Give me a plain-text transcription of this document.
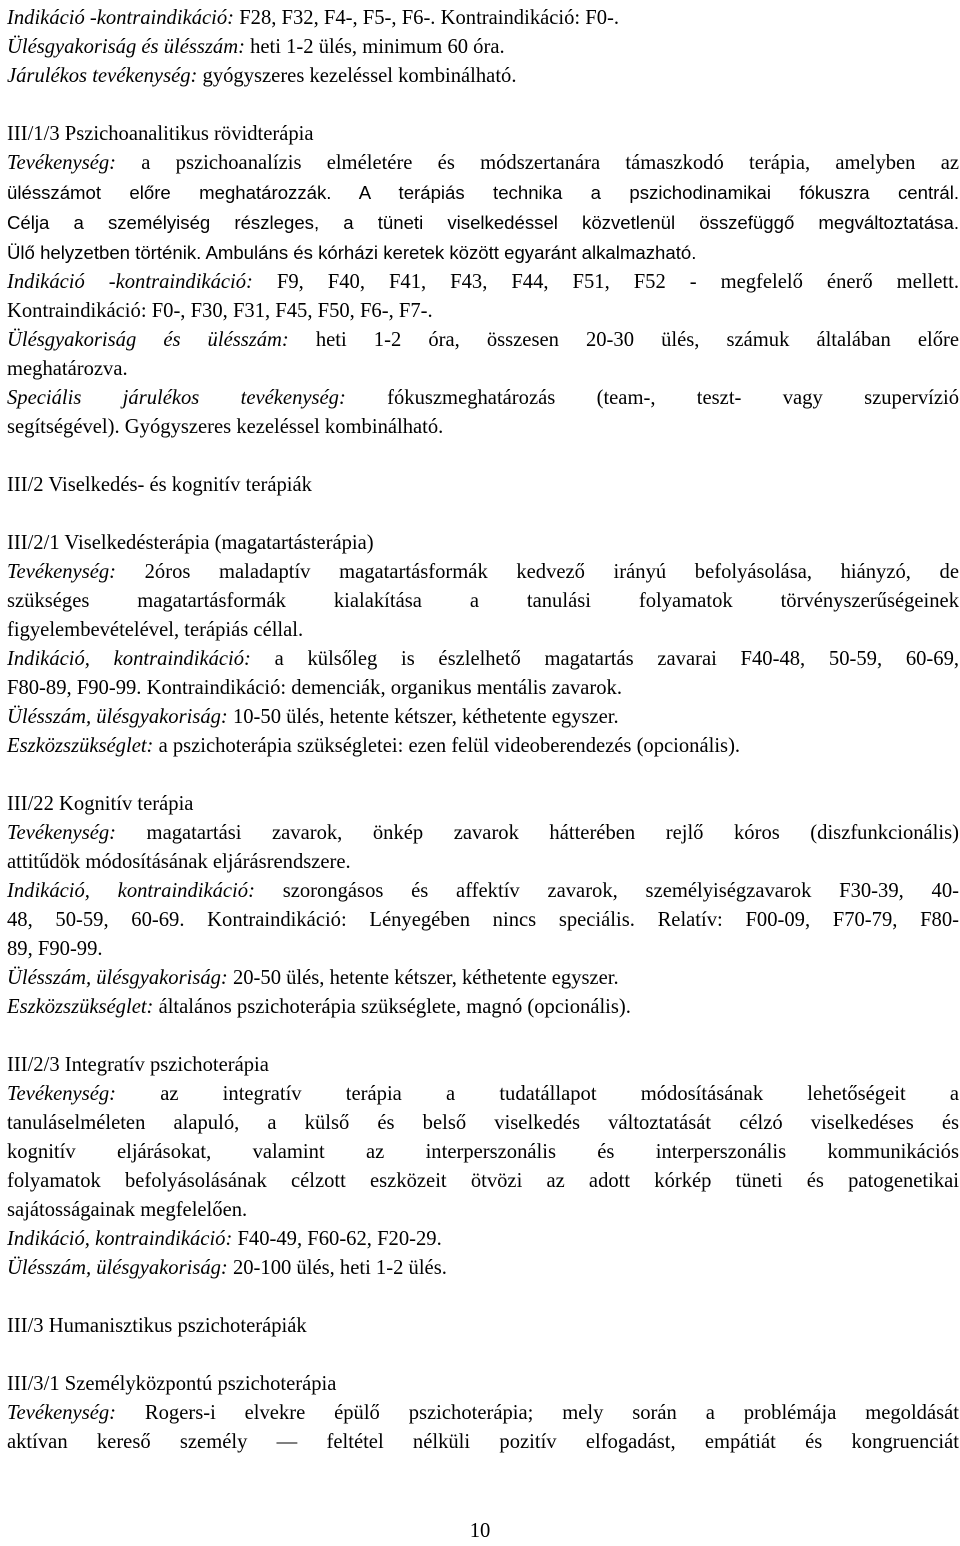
Indikáció -kontraindikáció: F28, F32, F4-, F5-, F6-. Kontraindikáció: F0-.
Ülésgyakoriság és ülésszám: heti 1-2 ülés, minimum 60 óra.
Járulékos tevékenység: gyógyszeres kezeléssel kombinálható.
III/1/3 Pszichoanalitikus rövidterápia
Tevékenység: a pszichoanalízis elméletére és módszertanára támaszkodó terápia, amelyben az
ülésszámot előre meghatározzák. A terápiás technika a pszichodinamikai fókuszra centrál.
Célja a személyiség részleges, a tüneti viselkedéssel közvetlenül összefüggő megváltoztatása.
Ülő helyzetben történik. Ambuláns és kórházi keretek között egyaránt alkalmazható.
Indikáció -kontraindikáció: F9, F40, F41, F43, F44, F51, F52 - megfelelő énerő mellett.
Kontraindikáció: F0-, F30, F31, F45, F50, F6-, F7-.
Ülésgyakoriság és ülésszám: heti 1-2 óra, összesen 20-30 ülés, számuk általában előre
meghatározva.
Speciális járulékos tevékenység: fókuszmeghatározás (team-, teszt- vagy szupervízió
segítségével). Gyógyszeres kezeléssel kombinálható.
III/2 Viselkedés- és kognitív terápiák
III/2/1 Viselkedésterápia (magatartásterápia)
Tevékenység: 2óros maladaptív magatartásformák kedvező irányú befolyásolása, hiányzó, de
szükséges magatartásformák kialakítása a tanulási folyamatok törvényszerűségeinek
figyelembevételével, terápiás céllal.
Indikáció, kontraindikáció: a külsőleg is észlelhető magatartás zavarai F40-48, 50-59, 60-69,
F80-89, F90-99. Kontraindikáció: demenciák, organikus mentális zavarok.
Ülésszám, ülésgyakoriság: 10-50 ülés, hetente kétszer, kéthetente egyszer.
Eszközszükséglet: a pszichoterápia szükségletei: ezen felül videoberendezés (opcionális).
III/22 Kognitív terápia
Tevékenység: magatartási zavarok, önkép zavarok hátterében rejlő kóros (diszfunkcionális)
attitűdök módosításának eljárásrendszere.
Indikáció, kontraindikáció: szorongásos és affektív zavarok, személyiségzavarok F30-39, 40-
48, 50-59, 60-69. Kontraindikáció: Lényegében nincs speciális. Relatív: F00-09, F70-79, F80-
89, F90-99.
Ülésszám, ülésgyakoriság: 20-50 ülés, hetente kétszer, kéthetente egyszer.
Eszközszükséglet: általános pszichoterápia szükséglete, magnó (opcionális).
III/2/3 Integratív pszichoterápia
Tevékenység: az integratív terápia a tudatállapot módosításának lehetőségeit a
tanuláselméleten alapuló, a külső és belső viselkedés változtatását célzó viselkedéses és
kognitív eljárásokat, valamint az interperszonális és interperszonális kommunikációs
folyamatok befolyásolásának célzott eszközeit ötvözi az adott kórkép tüneti és patogenetikai
sajátosságainak megfelelően.
Indikáció, kontraindikáció: F40-49, F60-62, F20-29.
Ülésszám, ülésgyakoriság: 20-100 ülés, heti 1-2 ülés.
III/3 Humanisztikus pszichoterápiák
III/3/1 Személyközpontú pszichoterápia
Tevékenység: Rogers-i elvekre épülő pszichoterápia; mely során a problémája megoldását
aktívan kereső személy — feltétel nélküli pozitív elfogadást, empátiát és kongruenciát
10
